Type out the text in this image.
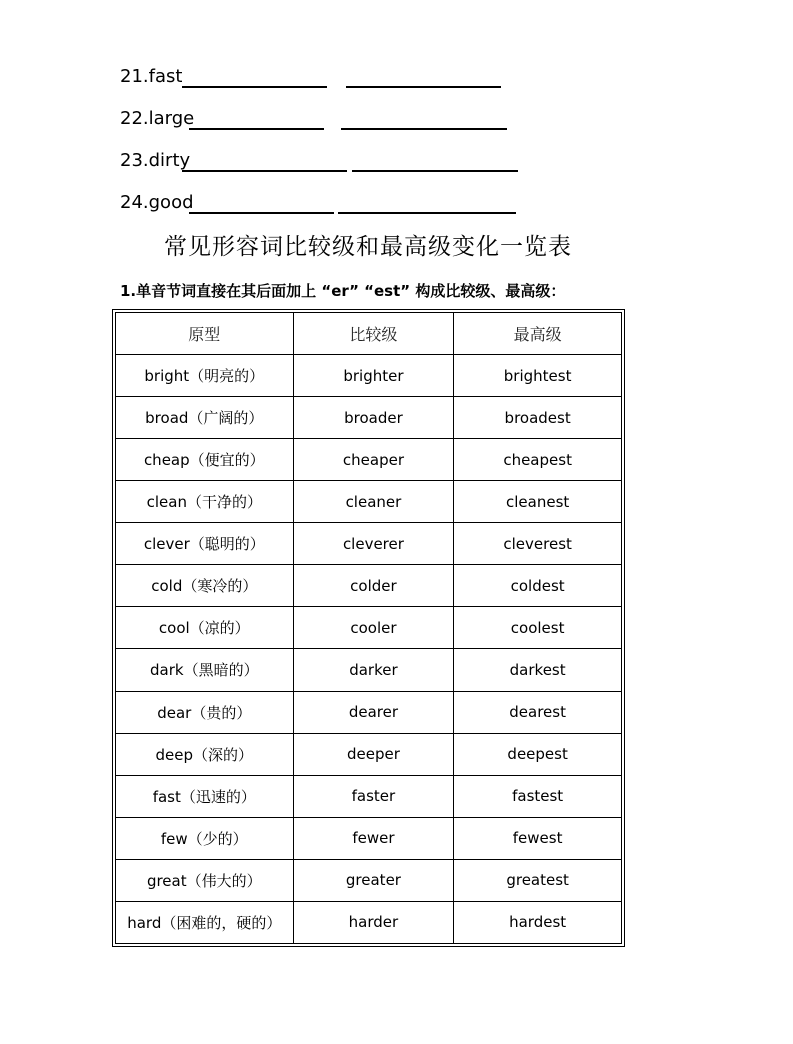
21.fast
22.large
23.dirty
24.good
常见形容词比较级和最高级变化一览表
1.单音节词直接在其后面加上 “er” “est” 构成比较级、最高级：
原型	比较级	最高级
bright（明亮的）	brighter	brightest
broad（广阔的）	broader	broadest
cheap（便宜的）	cheaper	cheapest
clean（干净的）	cleaner	cleanest
clever（聪明的）	cleverer	cleverest
cold（寒冷的）	colder	coldest
cool（凉的）	cooler	coolest
dark（黑暗的）	darker	darkest
dear（贵的）	dearer	dearest
deep（深的）	deeper	deepest
fast（迅速的）	faster	fastest
few（少的）	fewer	fewest
great（伟大的）	greater	greatest
hard（困难的，硬的）	harder	hardest
